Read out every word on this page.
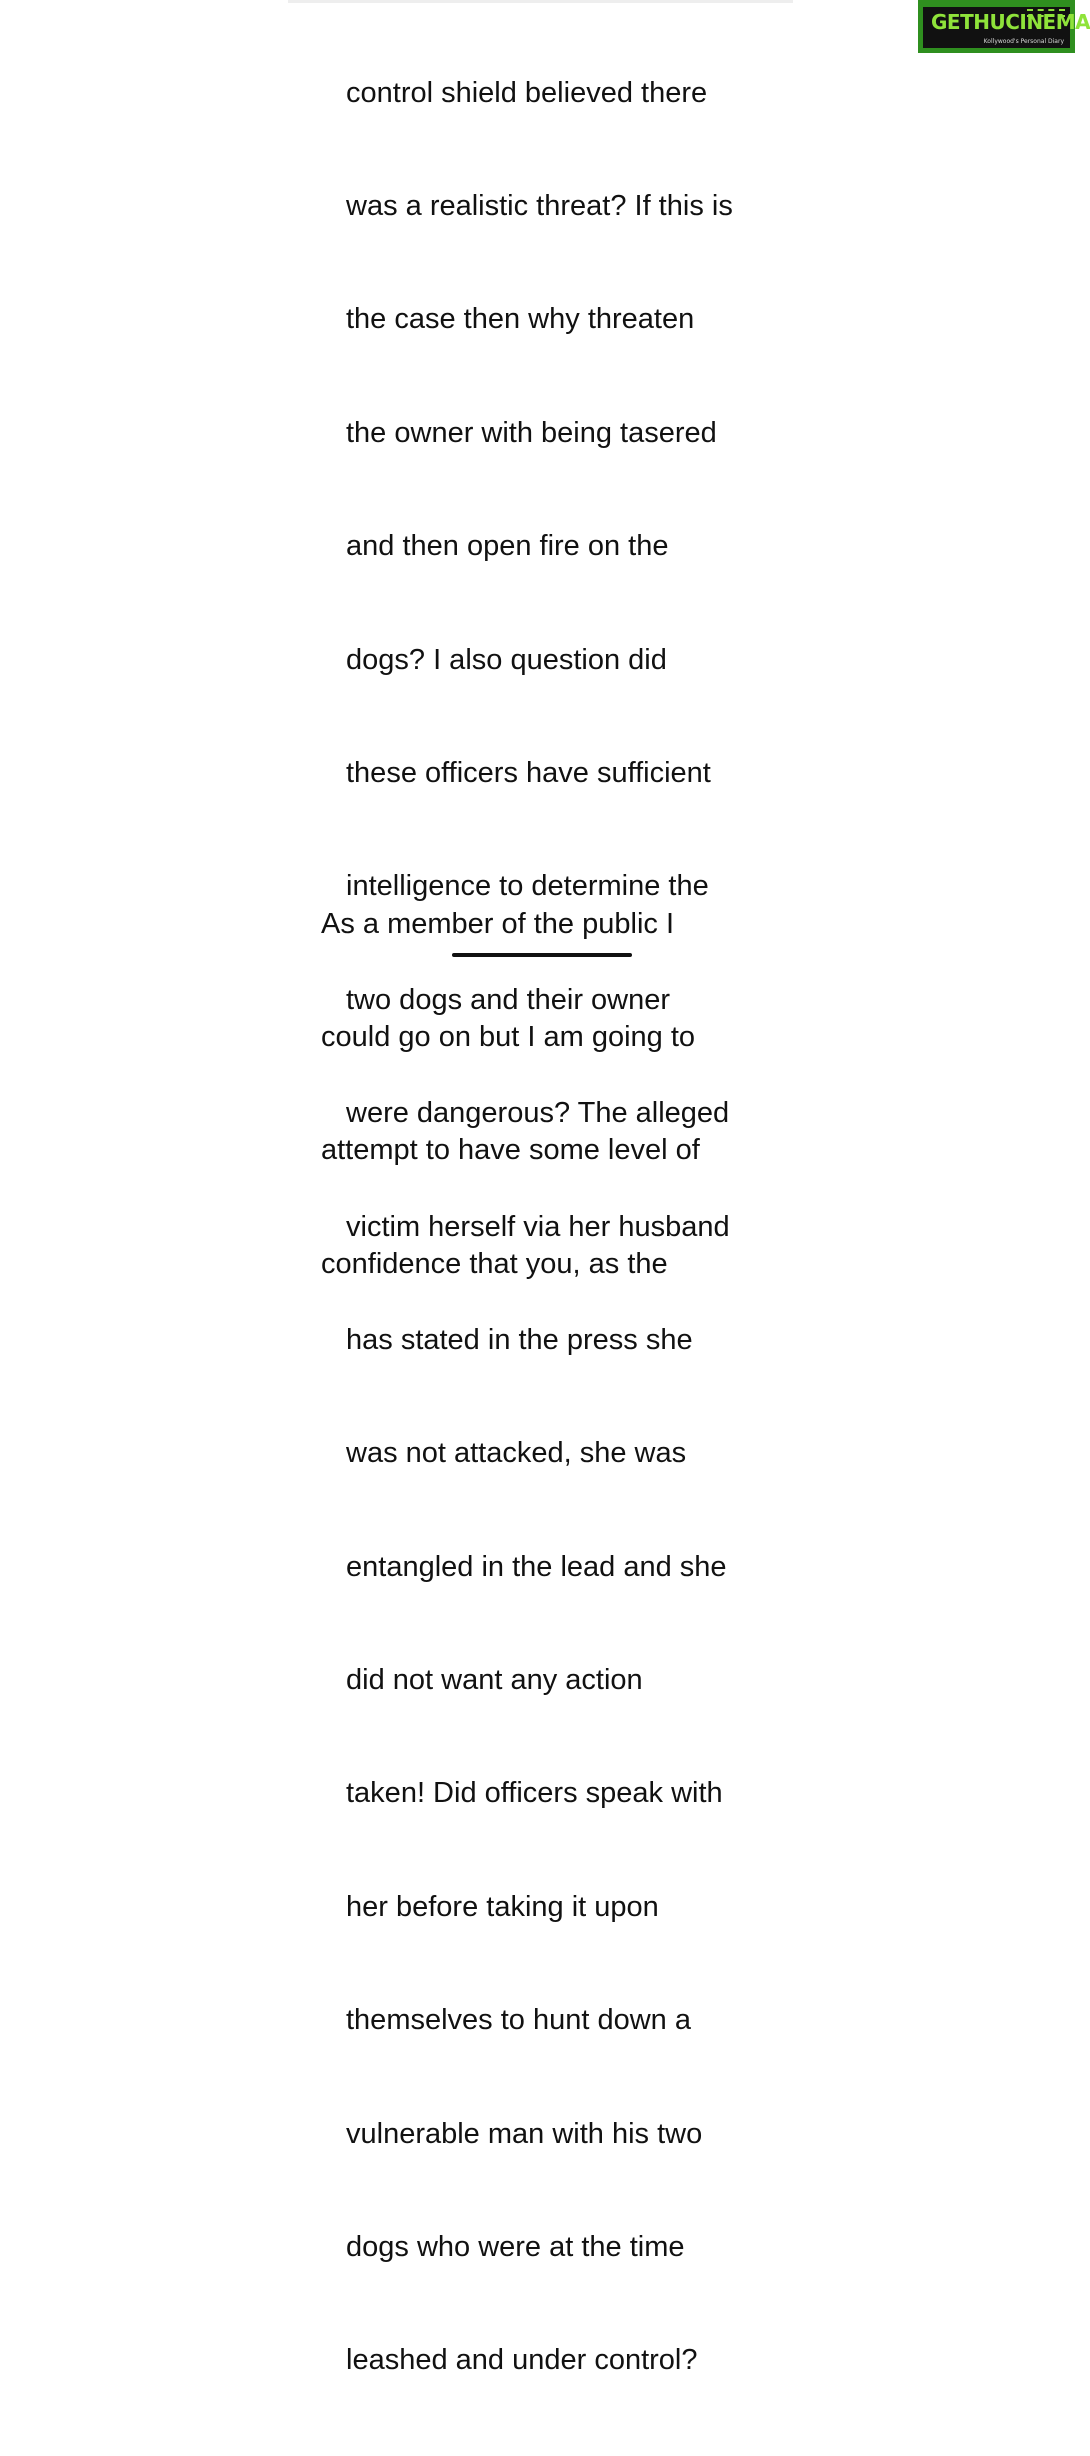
control shield believed there

was a realistic threat? If this is

the case then why threaten

the owner with being tasered

and then open fire on the

dogs? I also question did

these officers have sufficient

intelligence to determine the

two dogs and their owner

were dangerous? The alleged

victim herself via her husband

has stated in the press she

was not attacked, she was

entangled in the lead and she

did not want any action

taken! Did officers speak with

her before taking it upon

themselves to hunt down a

vulnerable man with his two

dogs who were at the time

leashed and under control?

As a member of the public I

could go on but I am going to

attempt to have some level of

confidence that you, as the

GETHUCINEMA
Kollywood's Personal Diary
